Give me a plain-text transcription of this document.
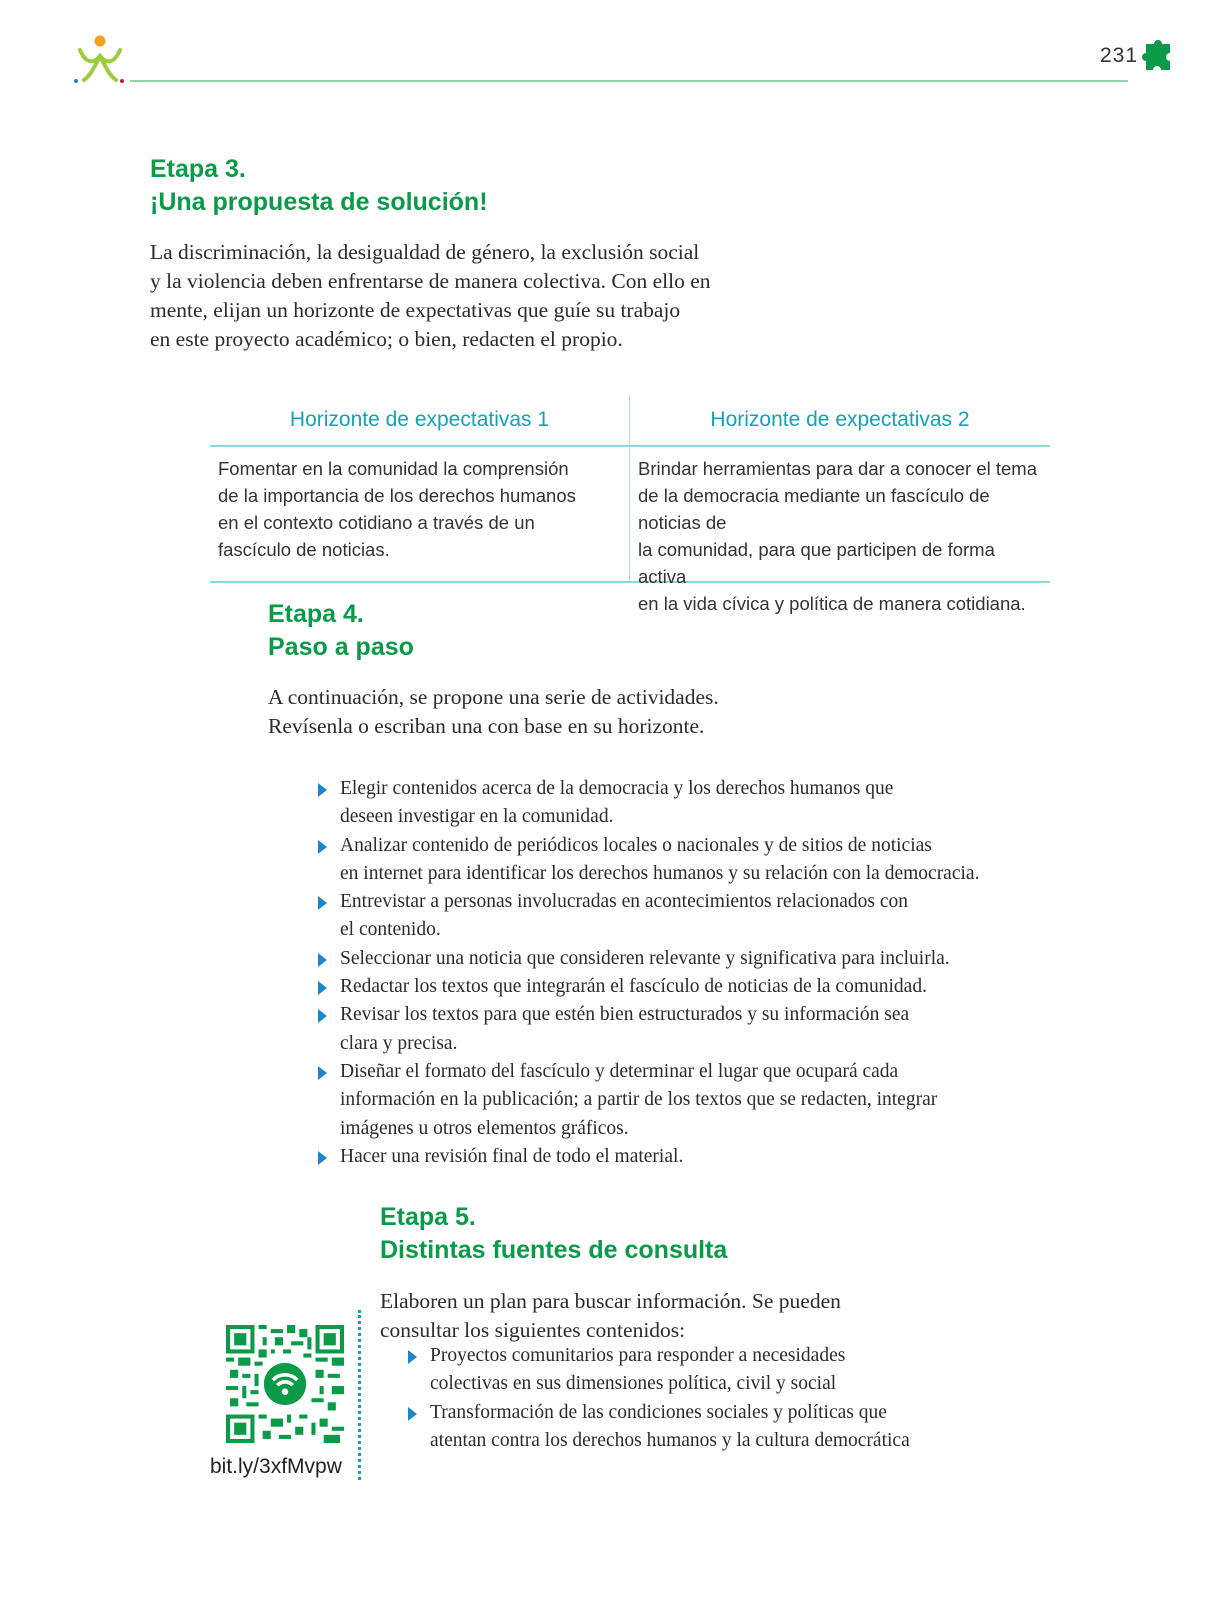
231
Etapa 3.
¡Una propuesta de solución!
La discriminación, la desigualdad de género, la exclusión social
y la violencia deben enfrentarse de manera colectiva. Con ello en
mente, elijan un horizonte de expectativas que guíe su trabajo
en este proyecto académico; o bien, redacten el propio.
Horizonte de expectativas 1	Horizonte de expectativas 2
Fomentar en la comunidad la comprensión
de la importancia de los derechos humanos
en el contexto cotidiano a través de un
fascículo de noticias.
Brindar herramientas para dar a conocer el tema
de la democracia mediante un fascículo de noticias de
la comunidad, para que participen de forma activa
en la vida cívica y política de manera cotidiana.
Etapa 4.
Paso a paso
A continuación, se propone una serie de actividades.
Revísenla o escriban una con base en su horizonte.
Elegir contenidos acerca de la democracia y los derechos humanos que
deseen investigar en la comunidad.
Analizar contenido de periódicos locales o nacionales y de sitios de noticias
en internet para identificar los derechos humanos y su relación con la democracia.
Entrevistar a personas involucradas en acontecimientos relacionados con
el contenido.
Seleccionar una noticia que consideren relevante y significativa para incluirla.
Redactar los textos que integrarán el fascículo de noticias de la comunidad.
Revisar los textos para que estén bien estructurados y su información sea
clara y precisa.
Diseñar el formato del fascículo y determinar el lugar que ocupará cada
información en la publicación; a partir de los textos que se redacten, integrar
imágenes u otros elementos gráficos.
Hacer una revisión final de todo el material.
Etapa 5.
Distintas fuentes de consulta
bit.ly/3xfMvpw
Elaboren un plan para buscar información. Se pueden
consultar los siguientes contenidos:
Proyectos comunitarios para responder a necesidades
colectivas en sus dimensiones política, civil y social
Transformación de las condiciones sociales y políticas que
atentan contra los derechos humanos y la cultura democrática
